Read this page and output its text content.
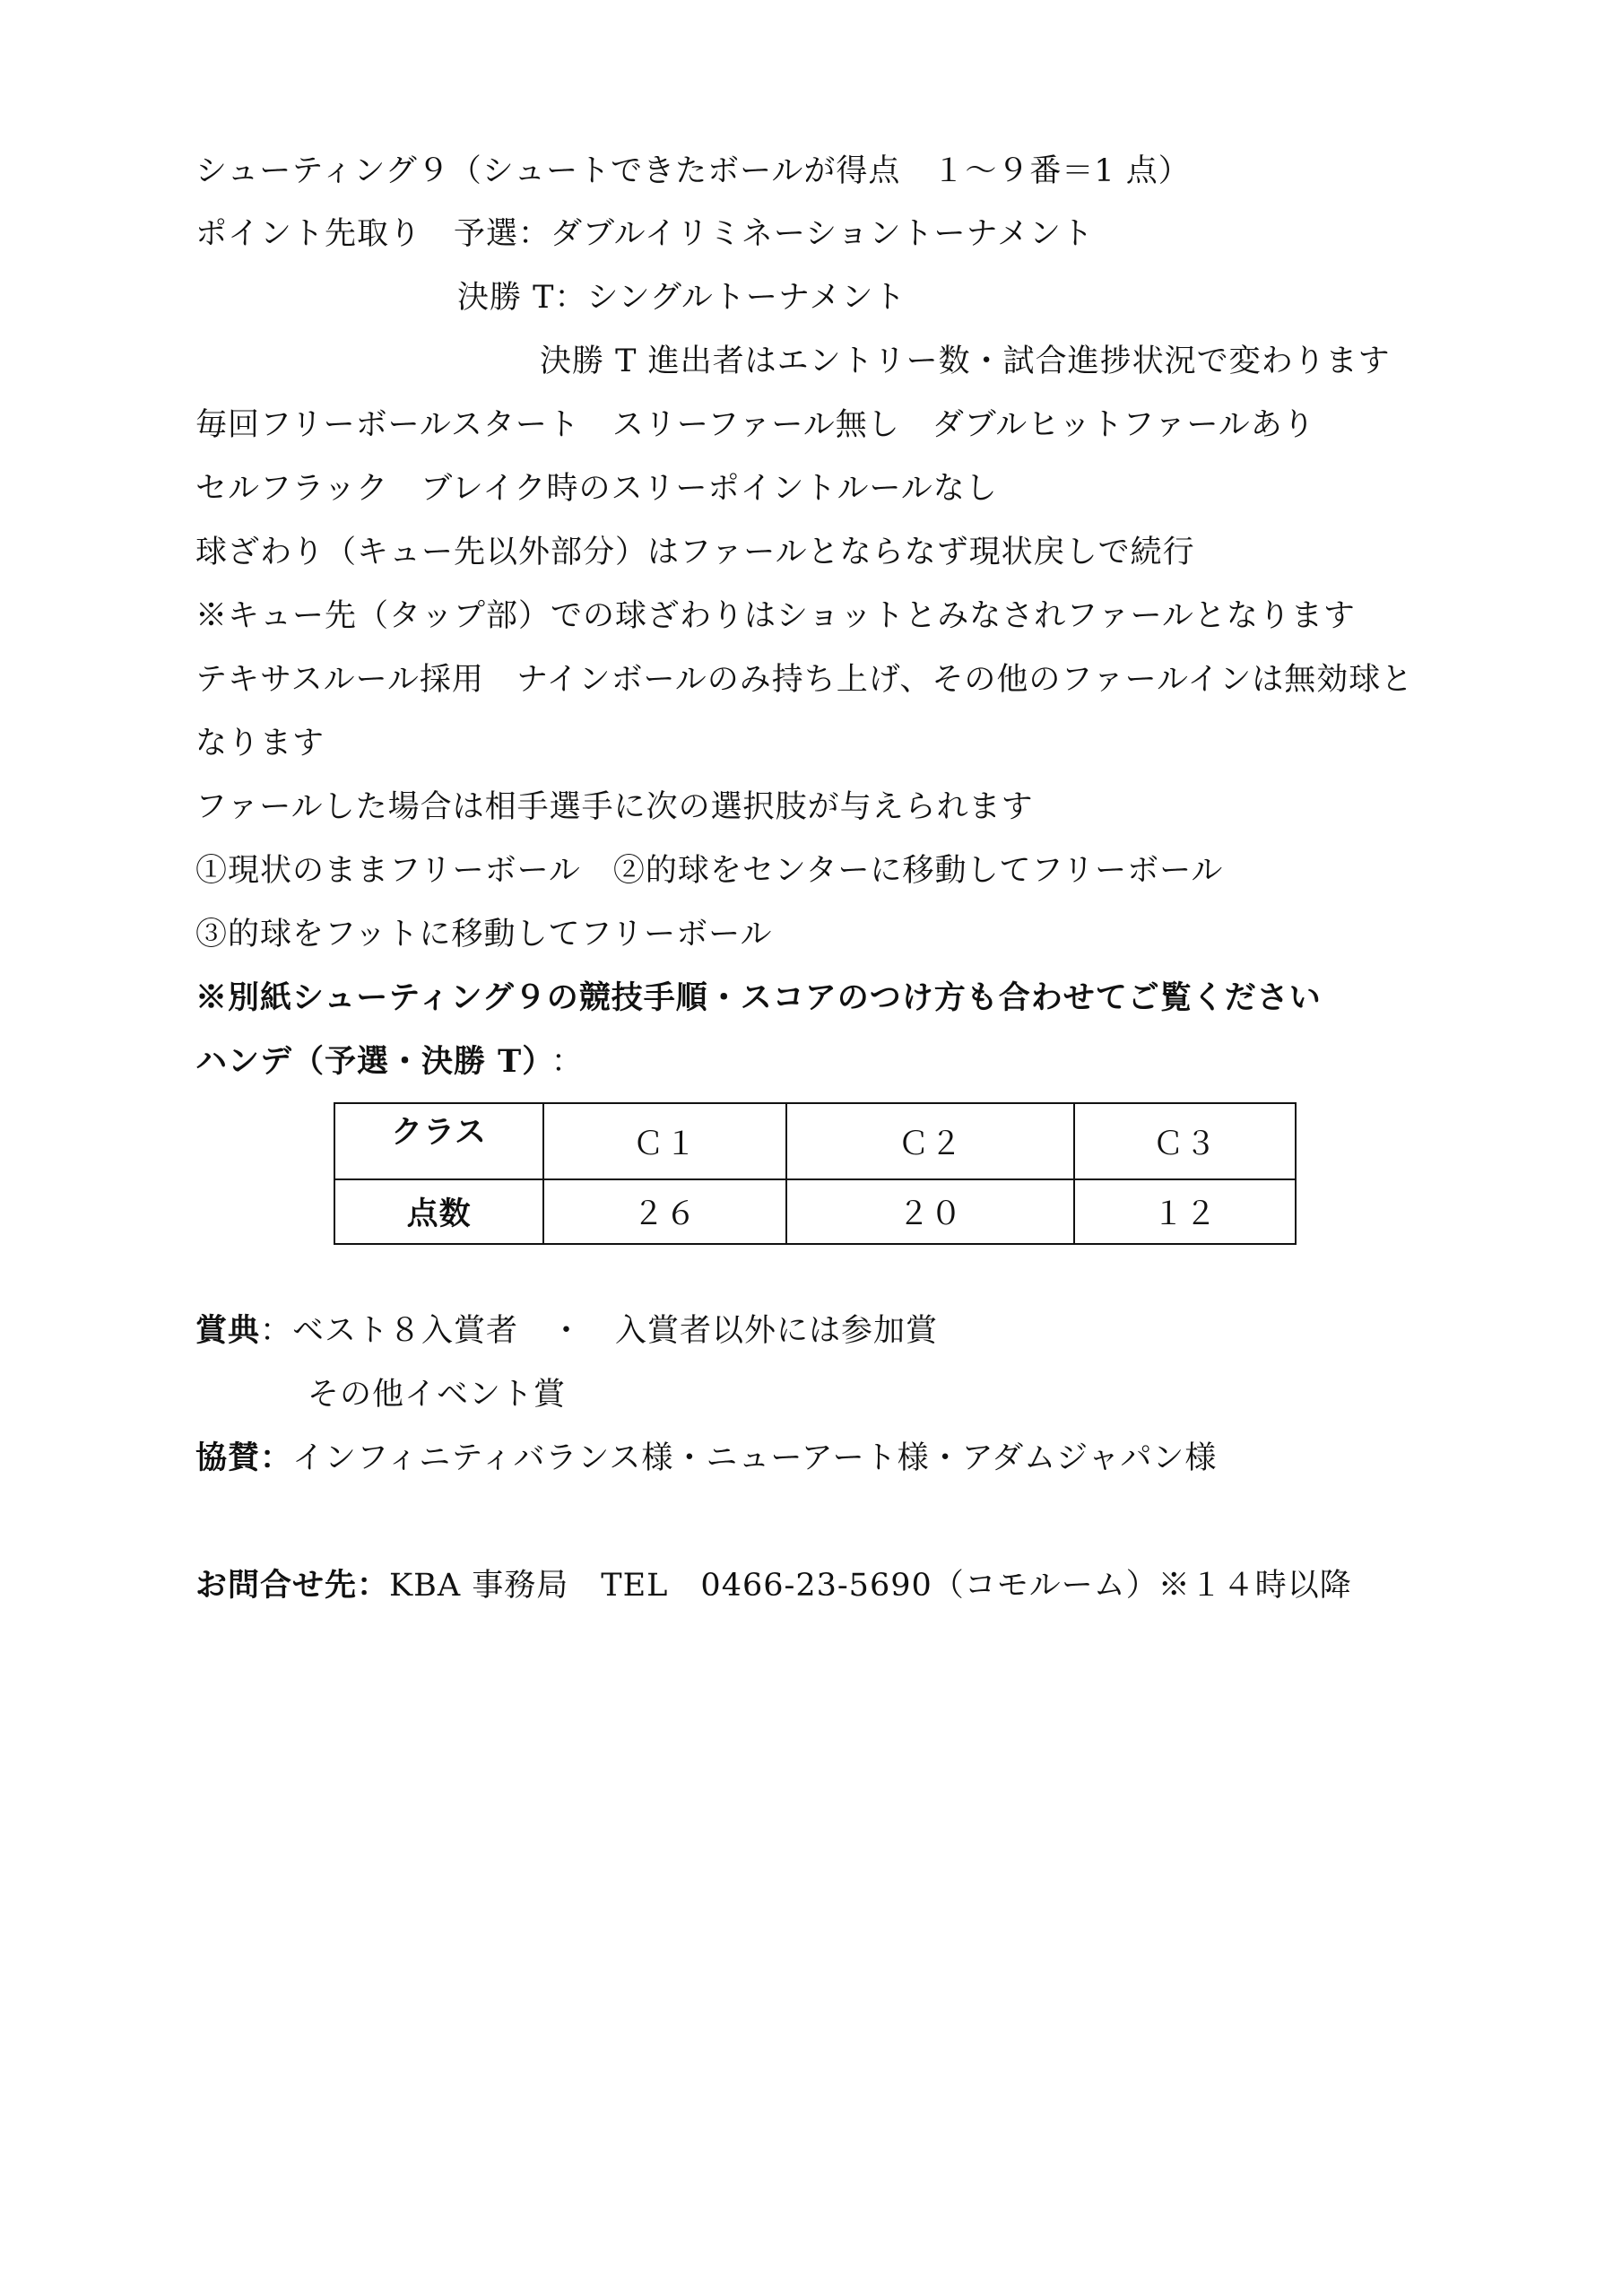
シューティング９（シュートできたボールが得点　１～９番＝1 点）
ポイント先取り　予選：ダブルイリミネーショントーナメント
決勝 T：シングルトーナメント
決勝 T 進出者はエントリー数・試合進捗状況で変わります
毎回フリーボールスタート　スリーファール無し　ダブルヒットファールあり
セルフラック　ブレイク時のスリーポイントルールなし
球ざわり（キュー先以外部分）はファールとならなず現状戻しで続行
※キュー先（タップ部）での球ざわりはショットとみなされファールとなります
テキサスルール採用　ナインボールのみ持ち上げ、その他のファールインは無効球と
なります
ファールした場合は相手選手に次の選択肢が与えられます
①現状のままフリーボール　②的球をセンターに移動してフリーボール
③的球をフットに移動してフリーボール
※別紙シューティング９の競技手順・スコアのつけ方も合わせてご覧ください
ハンデ（予選・決勝 T） ：
クラス	Ｃ１	Ｃ２	Ｃ３
点数	２６	２０	１２
賞典：ベスト８入賞者　・　入賞者以外には参加賞
その他イベント賞
協賛：インフィニティバランス様・ニューアート様・アダムジャパン様
お問合せ先：KBA 事務局　TEL　0466-23-5690（コモルーム）※１４時以降
